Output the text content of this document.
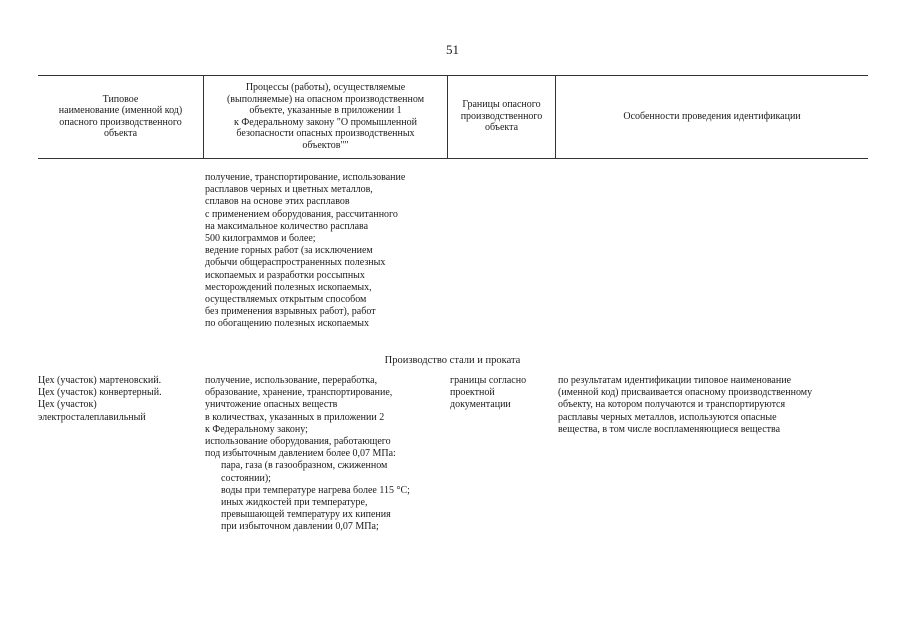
51
Типовое
наименование (именной код)
опасного производственного
объекта
Процессы (работы), осуществляемые
(выполняемые) на опасном производственном
объекте, указанные в приложении 1
к Федеральному закону "О промышленной
безопасности опасных производственных
объектов""
Границы опасного
производственного
объекта
Особенности проведения идентификации
получение, транспортирование, использование
расплавов черных и цветных металлов,
сплавов на основе этих расплавов
с применением оборудования, рассчитанного
на максимальное количество расплава
500 килограммов и более;
ведение горных работ (за исключением
добычи общераспространенных полезных
ископаемых и разработки россыпных
месторождений полезных ископаемых,
осуществляемых открытым способом
без применения взрывных работ), работ
по обогащению полезных ископаемых
Производство стали и проката
Цех (участок) мартеновский.
Цех (участок) конвертерный.
Цех (участок)
электросталеплавильный
получение, использование, переработка,
образование, хранение, транспортирование,
уничтожение опасных веществ
в количествах, указанных в приложении 2
к Федеральному закону;
использование оборудования, работающего
под избыточным давлением более 0,07 МПа:
пара, газа (в газообразном, сжиженном
состоянии);
воды при температуре нагрева более 115 °С;
иных жидкостей при температуре,
превышающей температуру их кипения
при избыточном давлении 0,07 МПа;
границы согласно
проектной
документации
по результатам идентификации типовое наименование
(именной код) присваивается опасному производственному
объекту, на котором получаются и транспортируются
расплавы черных металлов, используются опасные
вещества, в том числе воспламеняющиеся вещества
